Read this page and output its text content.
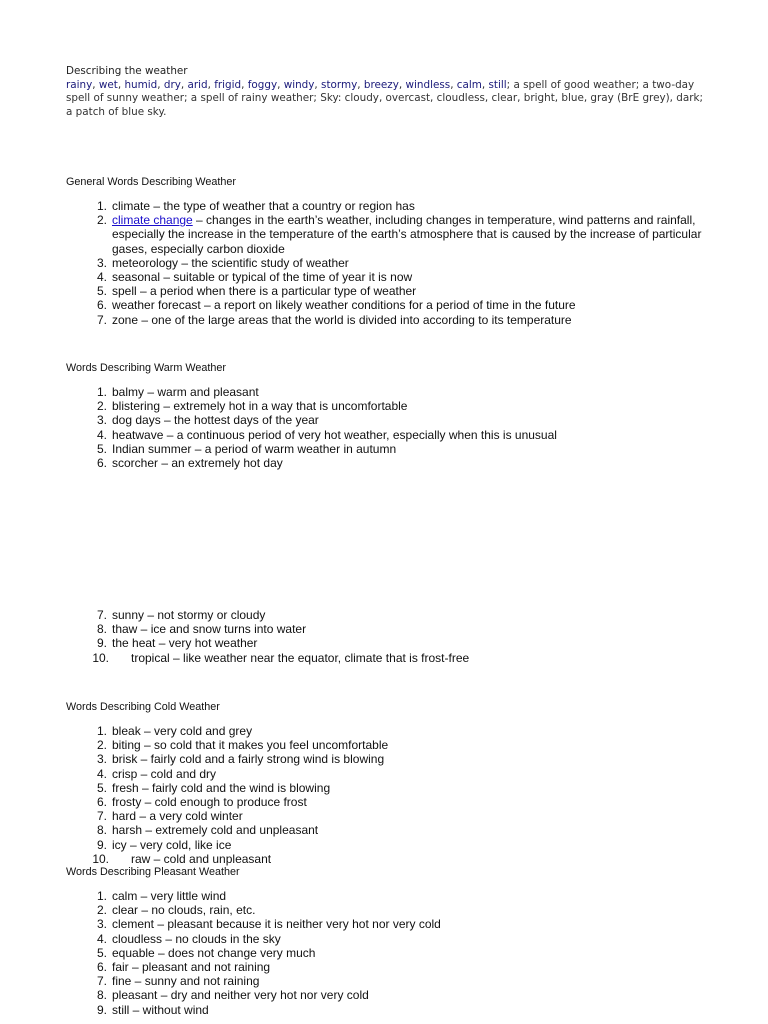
Describing the weather
rainy, wet, humid, dry, arid, frigid, foggy, windy, stormy, breezy, windless, calm, still; a spell of good weather; a two-day spell of sunny weather; a spell of rainy weather; Sky: cloudy, overcast, cloudless, clear, bright, blue, gray (BrE grey), dark; a patch of blue sky.
General Words Describing Weather
1. climate – the type of weather that a country or region has
2. climate change – changes in the earth’s weather, including changes in temperature, wind patterns and rainfall, especially the increase in the temperature of the earth’s atmosphere that is caused by the increase of particular gases, especially carbon dioxide
3. meteorology – the scientific study of weather
4. seasonal – suitable or typical of the time of year it is now
5. spell – a period when there is a particular type of weather
6. weather forecast – a report on likely weather conditions for a period of time in the future
7. zone – one of the large areas that the world is divided into according to its temperature
Words Describing Warm Weather
1. balmy – warm and pleasant
2. blistering – extremely hot in a way that is uncomfortable
3. dog days – the hottest days of the year
4. heatwave – a continuous period of very hot weather, especially when this is unusual
5. Indian summer – a period of warm weather in autumn
6. scorcher – an extremely hot day
7. sunny – not stormy or cloudy
8. thaw – ice and snow turns into water
9. the heat – very hot weather
10. tropical – like weather near the equator, climate that is frost-free
Words Describing Cold Weather
1. bleak – very cold and grey
2. biting – so cold that it makes you feel uncomfortable
3. brisk – fairly cold and a fairly strong wind is blowing
4. crisp – cold and dry
5. fresh – fairly cold and the wind is blowing
6. frosty – cold enough to produce frost
7. hard – a very cold winter
8. harsh – extremely cold and unpleasant
9. icy – very cold, like ice
10. raw – cold and unpleasant
Words Describing Pleasant Weather
1. calm – very little wind
2. clear – no clouds, rain, etc.
3. clement – pleasant because it is neither very hot nor very cold
4. cloudless – no clouds in the sky
5. equable – does not change very much
6. fair – pleasant and not raining
7. fine – sunny and not raining
8. pleasant – dry and neither very hot nor very cold
9. still – without wind
